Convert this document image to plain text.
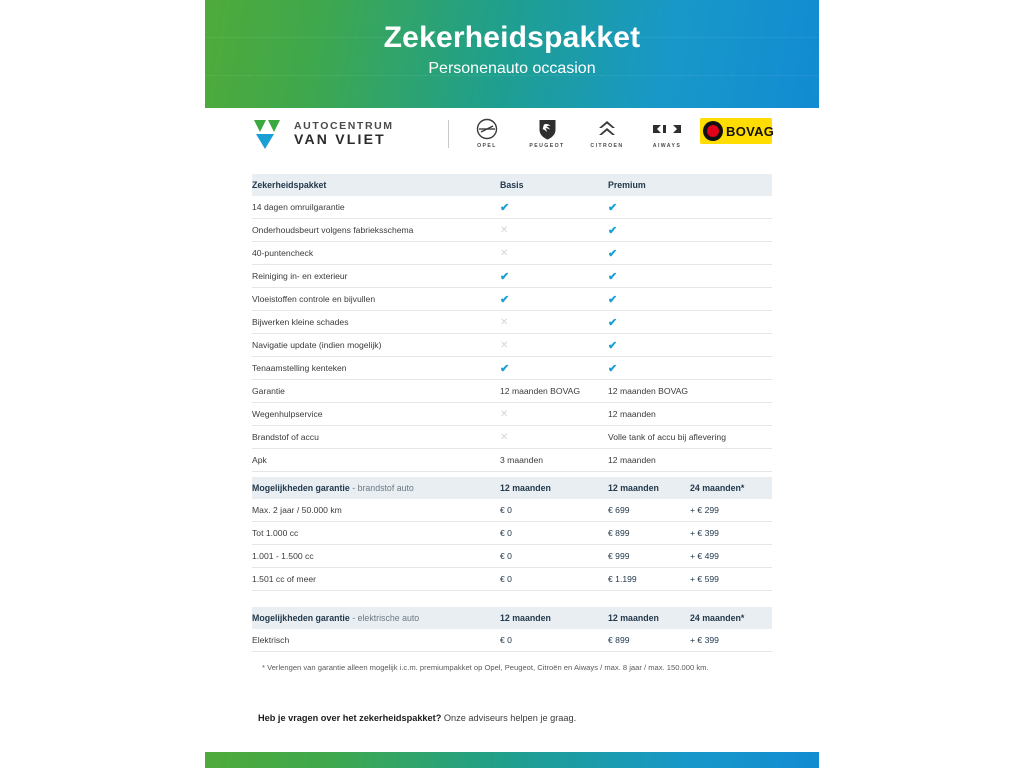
Zekerheidspakket
Personenauto occasion
AUTOCENTRUM
VAN VLIET	OPEL	PEUGEOT	CITROEN	AIWAYS
BOVAG
Zekerheidspakket	Basis	Premium
14 dagen omruilgarantie	✔	✔
Onderhoudsbeurt volgens fabrieksschema	✕	✔
40-puntencheck	✕	✔
Reiniging in- en exterieur	✔	✔
Vloeistoffen controle en bijvullen	✔	✔
Bijwerken kleine schades	✕	✔
Navigatie update (indien mogelijk)	✕	✔
Tenaamstelling kenteken	✔	✔
Garantie	12 maanden BOVAG	12 maanden BOVAG
Wegenhulpservice	✕	12 maanden
Brandstof of accu	✕	Volle tank of accu bij aflevering
Apk	3 maanden	12 maanden
Mogelijkheden garantie - brandstof auto	12 maanden	12 maanden	24 maanden*
Max. 2 jaar / 50.000 km	€ 0	€ 699	+ € 299
Tot 1.000 cc	€ 0	€ 899	+ € 399
1.001 - 1.500 cc	€ 0	€ 999	+ € 499
1.501 cc of meer	€ 0	€ 1.199	+ € 599
Mogelijkheden garantie - elektrische auto	12 maanden	12 maanden	24 maanden*
Elektrisch	€ 0	€ 899	+ € 399
* Verlengen van garantie alleen mogelijk i.c.m. premiumpakket op Opel, Peugeot, Citroën en Aiways / max. 8 jaar / max. 150.000 km.
Heb je vragen over het zekerheidspakket? Onze adviseurs helpen je graag.
